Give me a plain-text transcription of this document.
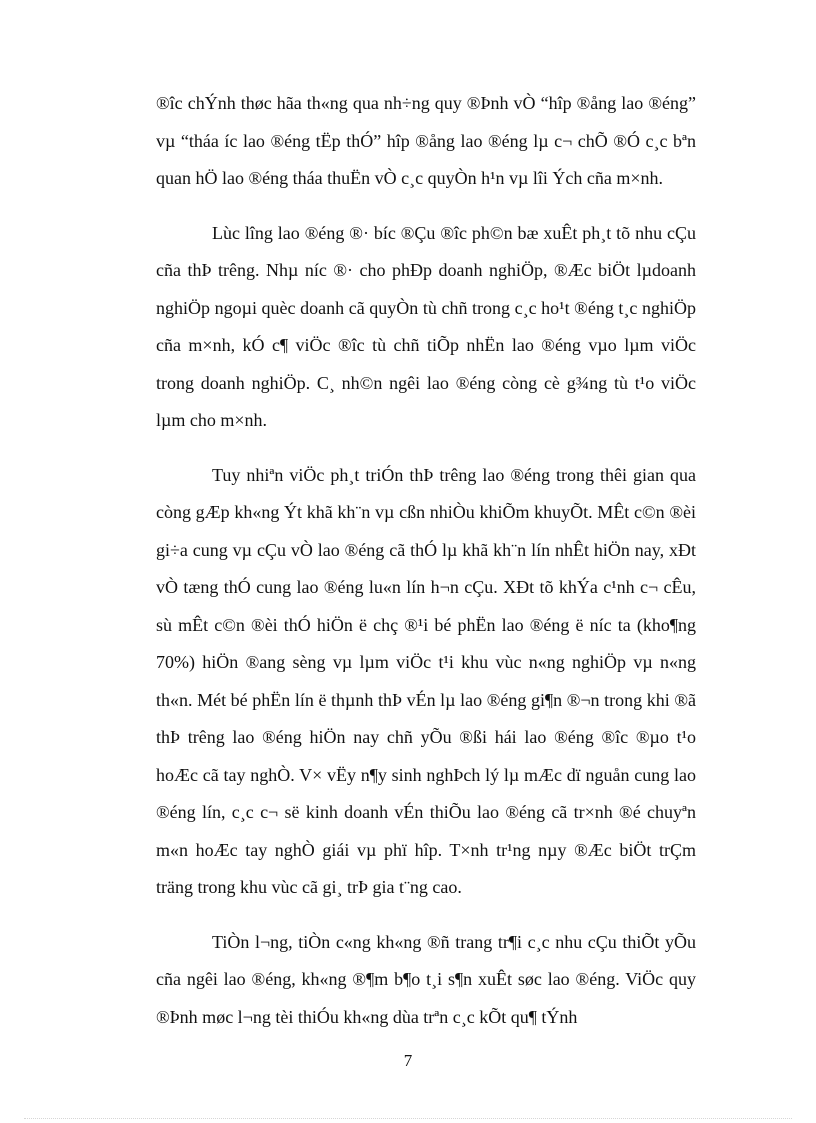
®îc chÝnh thøc hãa th«ng qua nh÷ng quy ®Þnh vÒ “hîp ®ång lao ®éng” vµ “tháa íc lao ®éng tËp thÓ” hîp ®ång lao ®éng lµ c¬ chÕ ®Ó c¸c bªn quan hÖ lao ®éng tháa thuËn vÒ c¸c quyÒn h¹n vµ lîi Ých cña m×nh.

Lùc lîng lao ®éng ®· bíc ®Çu ®îc ph©n bæ xuÊt ph¸t tõ nhu cÇu cña thÞ trêng. Nhµ níc ®· cho phÐp doanh nghiÖp, ®Æc biÖt lµdoanh nghiÖp ngoµi quèc doanh cã quyÒn tù chñ trong c¸c ho¹t ®éng t¸c nghiÖp cña m×nh, kÓ c¶ viÖc ®îc tù chñ tiÕp nhËn lao ®éng vµo lµm viÖc trong doanh nghiÖp. C¸ nh©n ngêi lao ®éng còng cè g¾ng tù t¹o viÖc lµm cho m×nh.

Tuy nhiªn viÖc ph¸t triÓn thÞ trêng lao ®éng trong thêi gian qua còng gÆp kh«ng Ýt khã kh¨n vµ cßn nhiÒu khiÕm khuyÕt. MÊt c©n ®èi gi÷a cung vµ cÇu vÒ lao ®éng cã thÓ lµ khã kh¨n lín nhÊt hiÖn nay, xÐt vÒ tæng thÓ cung lao ®éng lu«n lín h¬n cÇu. XÐt tõ khÝa c¹nh c¬ cÊu, sù mÊt c©n ®èi thÓ hiÖn ë chç ®¹i bé phËn lao ®éng ë níc ta (kho¶ng 70%) hiÖn ®ang sèng vµ lµm viÖc t¹i khu vùc n«ng nghiÖp vµ n«ng th«n. Mét bé phËn lín ë thµnh thÞ vÉn lµ lao ®éng gi¶n ®¬n trong khi ®ã thÞ trêng lao ®éng hiÖn nay chñ yÕu ®ßi hái lao ®éng ®îc ®µo t¹o hoÆc cã tay nghÒ. V× vËy n¶y sinh nghÞch lý lµ mÆc dï nguån cung lao ®éng lín, c¸c c¬ së kinh doanh vÉn thiÕu lao ®éng cã tr×nh ®é chuyªn m«n hoÆc tay nghÒ giái vµ phï hîp. T×nh tr¹ng nµy ®Æc biÖt trÇm träng trong khu vùc cã gi¸ trÞ gia t¨ng cao.

TiÒn l¬ng, tiÒn c«ng kh«ng ®ñ trang tr¶i c¸c nhu cÇu thiÕt yÕu cña ngêi lao ®éng, kh«ng ®¶m b¶o t¸i s¶n xuÊt søc lao ®éng. ViÖc quy ®Þnh møc l¬ng tèi thiÓu kh«ng dùa trªn c¸c kÕt qu¶ tÝnh

7
